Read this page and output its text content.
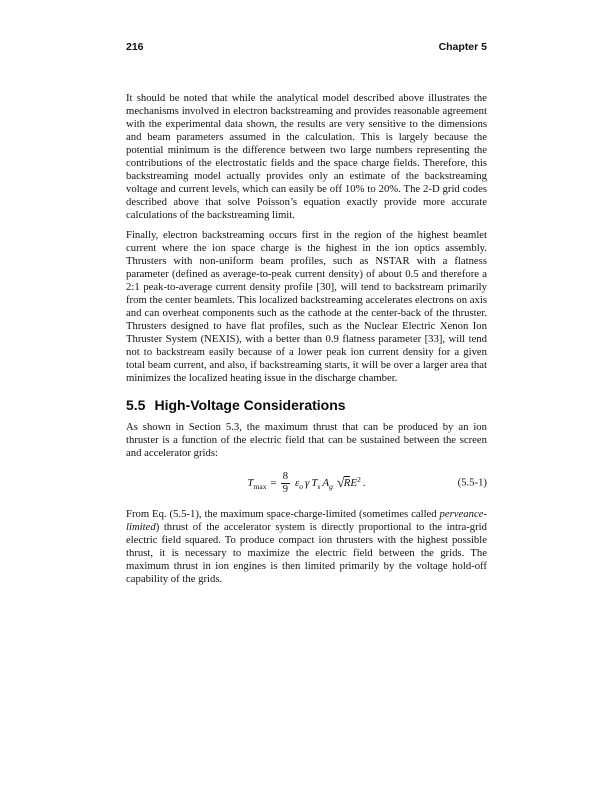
216	Chapter 5

It should be noted that while the analytical model described above illustrates the mechanisms involved in electron backstreaming and provides reasonable agreement with the experimental data shown, the results are very sensitive to the dimensions and beam parameters assumed in the calculation. This is largely because the potential minimum is the difference between two large numbers representing the contributions of the electrostatic fields and the space charge fields. Therefore, this backstreaming model actually provides only an estimate of the backstreaming voltage and current levels, which can easily be off 10% to 20%. The 2-D grid codes described above that solve Poisson’s equation exactly provide more accurate calculations of the backstreaming limit.

Finally, electron backstreaming occurs first in the region of the highest beamlet current where the ion space charge is the highest in the ion optics assembly. Thrusters with non-uniform beam profiles, such as NSTAR with a flatness parameter (defined as average-to-peak current density) of about 0.5 and therefore a 2:1 peak-to-average current density profile [30], will tend to backstream primarily from the center beamlets. This localized backstreaming accelerates electrons on axis and can overheat components such as the cathode at the center-back of the thruster. Thrusters designed to have flat profiles, such as the Nuclear Electric Xenon Ion Thruster System (NEXIS), with a better than 0.9 flatness parameter [33], will tend not to backstream easily because of a lower peak ion current density for a given total beam current, and also, if backstreaming starts, it will be over a larger area that minimizes the localized heating issue in the discharge chamber.

5.5 High-Voltage Considerations

As shown in Section 5.3, the maximum thrust that can be produced by an ion thruster is a function of the electric field that can be sustained between the screen and accelerator grids:

$T_{max} = \frac{8}{9} \varepsilon_o$ γ $T_s$ $A_g$ √ R $E^2$ .	(5.5-1)

From Eq. (5.5-1), the maximum space-charge-limited (sometimes called perveance-limited) thrust of the accelerator system is directly proportional to the intra-grid electric field squared. To produce compact ion thrusters with the highest possible thrust, it is necessary to maximize the electric field between the grids. The maximum thrust in ion engines is then limited primarily by the voltage hold-off capability of the grids.
